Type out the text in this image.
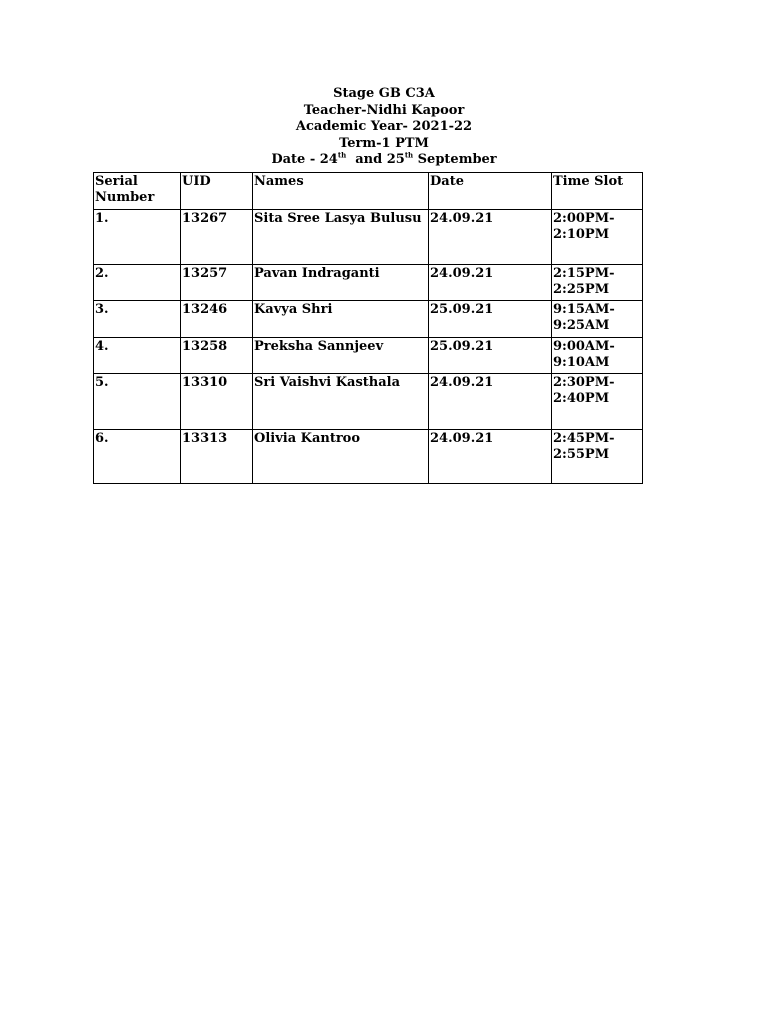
Stage GB C3A
Teacher-Nidhi Kapoor
Academic Year- 2021-22
Term-1 PTM
Date - 24th  and 25th September
Serial
Number	UID	Names	Date	Time Slot
1.	13267	Sita Sree Lasya Bulusu	24.09.21	2:00PM-
2:10PM

2.	13257	Pavan Indraganti	24.09.21	2:15PM-
2:25PM

3.	13246	Kavya Shri	25.09.21	9:15AM-
9:25AM

4.	13258	Preksha Sannjeev	25.09.21	9:00AM-
9:10AM

5.	13310	Sri Vaishvi Kasthala	24.09.21	2:30PM-
2:40PM

6.	13313	Olivia Kantroo	24.09.21	2:45PM-
2:55PM
